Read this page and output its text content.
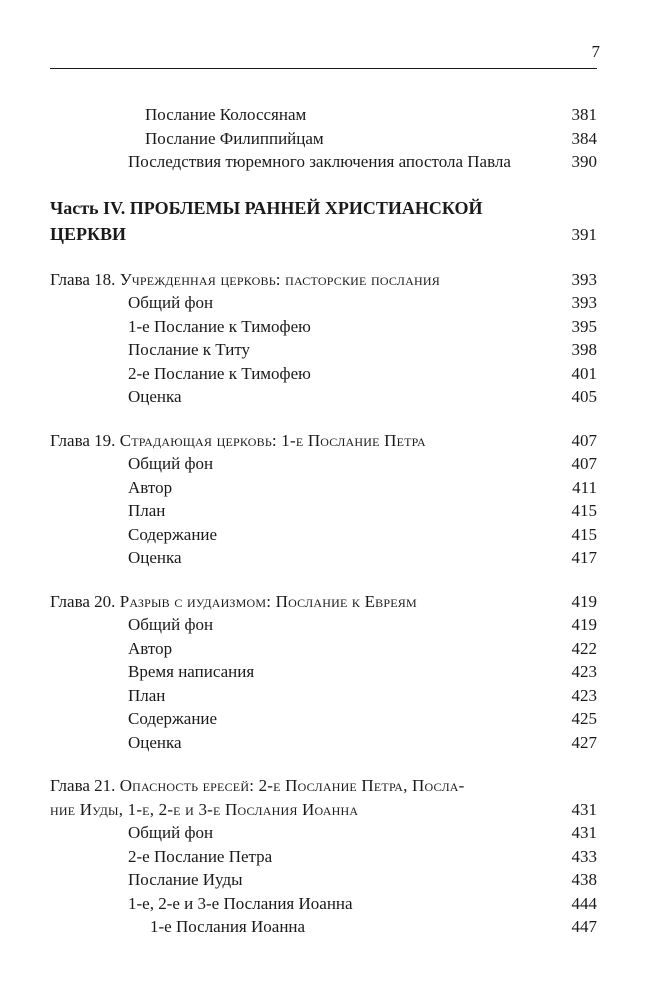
7
Послание Колоссянам	381
Послание Филиппийцам	384
Последствия тюремного заключения апостола Павла	390
Часть IV. ПРОБЛЕМЫ РАННЕЙ ХРИСТИАНСКОЙ
ЦЕРКВИ	391
Глава 18. Учрежденная церковь: пасторские послания	393
Общий фон	393
1-е Послание к Тимофею	395
Послание к Титу	398
2-е Послание к Тимофею	401
Оценка	405
Глава 19. Страдающая церковь: 1-е Послание Петра	407
Общий фон	407
Автор	411
План	415
Содержание	415
Оценка	417
Глава 20. Разрыв с иудаизмом: Послание к Евреям	419
Общий фон	419
Автор	422
Время написания	423
План	423
Содержание	425
Оценка	427
Глава 21. Опасность ересей: 2-е Послание Петра, Посла-
ние Иуды, 1-е, 2-е и 3-е Послания Иоанна	431
Общий фон	431
2-е Послание Петра	433
Послание Иуды	438
1-е, 2-е и 3-е Послания Иоанна	444
1-е Послания Иоанна	447
